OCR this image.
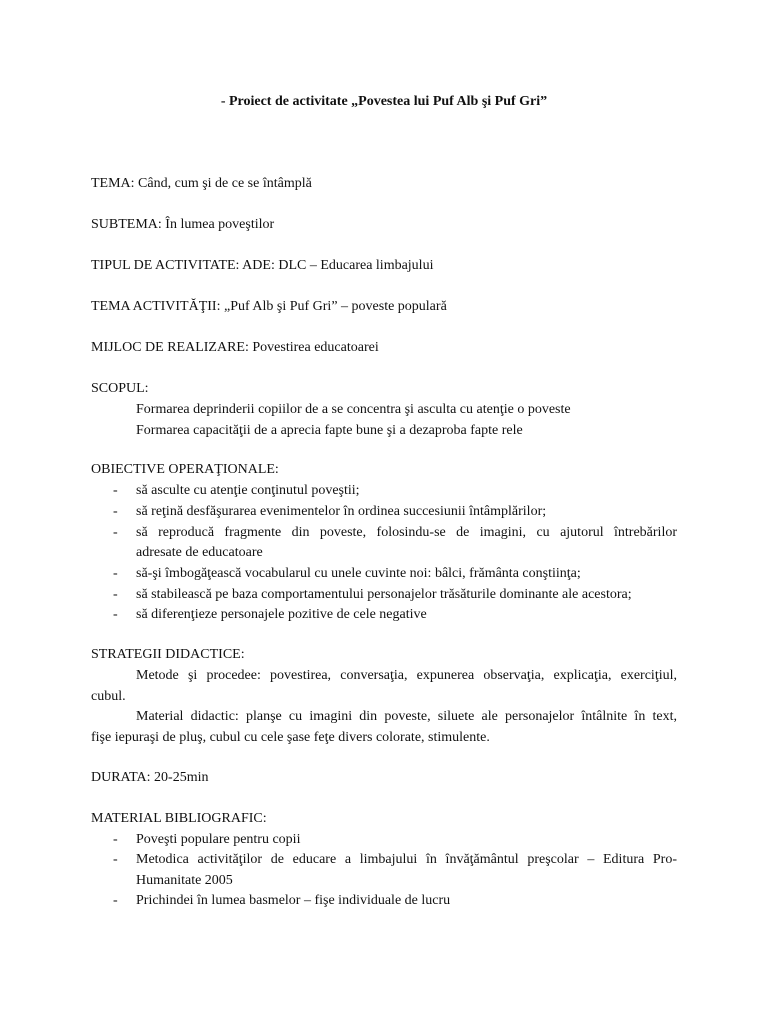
- Proiect de activitate „Povestea lui Puf Alb şi Puf Gri”
TEMA: Când, cum şi de ce se întâmplă
SUBTEMA: În lumea poveştilor
TIPUL DE ACTIVITATE: ADE: DLC – Educarea limbajului
TEMA ACTIVITĂŢII: „Puf Alb şi Puf Gri” – poveste populară
MIJLOC DE REALIZARE: Povestirea educatoarei
SCOPUL:
Formarea deprinderii copiilor de a se concentra şi asculta cu atenţie o poveste
Formarea capacităţii de a aprecia fapte bune şi a dezaproba fapte rele
OBIECTIVE OPERAŢIONALE:
- să asculte cu atenţie conţinutul poveştii;
- să reţină desfăşurarea evenimentelor în ordinea succesiunii întâmplărilor;
- să reproducă fragmente din poveste, folosindu-se de imagini, cu ajutorul întrebărilor
adresate de educatoare
- să-şi îmbogăţească vocabularul cu unele cuvinte noi: bâlci, frământa conştiinţa;
- să stabilească pe baza comportamentului personajelor trăsăturile dominante ale acestora;
- să diferenţieze personajele pozitive de cele negative
STRATEGII DIDACTICE:
Metode şi procedee: povestirea, conversaţia, expunerea observaţia, explicaţia, exerciţiul,
cubul.
Material didactic: planşe cu imagini din poveste, siluete ale personajelor întâlnite în text,
fişe iepuraşi de pluş, cubul cu cele şase feţe divers colorate, stimulente.
DURATA: 20-25min
MATERIAL BIBLIOGRAFIC:
- Poveşti populare pentru copii
- Metodica activităţilor de educare a limbajului în învăţământul preşcolar – Editura Pro-
Humanitate 2005
- Prichindei în lumea basmelor – fişe individuale de lucru
